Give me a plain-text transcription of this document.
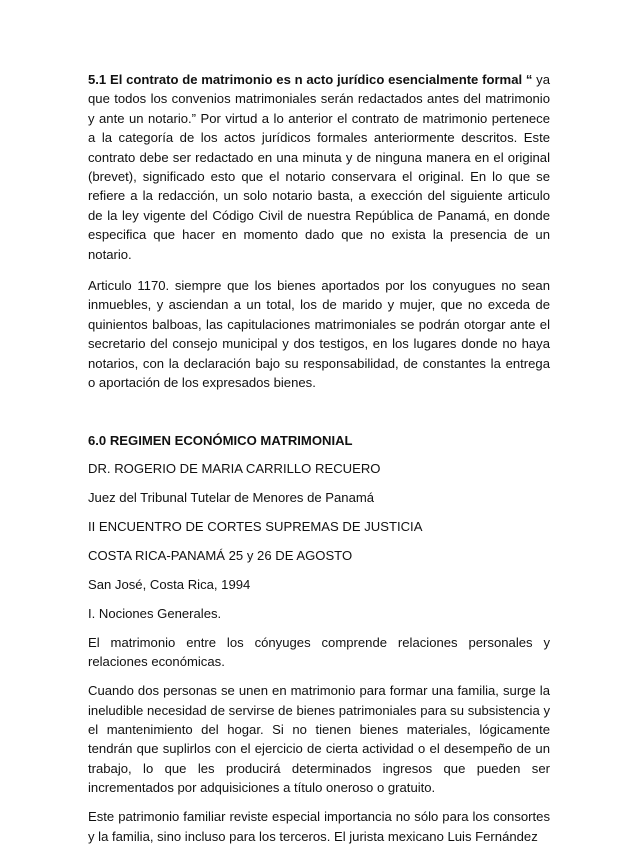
5.1 El contrato de matrimonio es n acto jurídico esencialmente formal “ ya que todos los convenios matrimoniales serán redactados antes del matrimonio y ante un notario.” Por virtud a lo anterior el contrato de matrimonio pertenece a la categoría de los actos jurídicos formales anteriormente descritos. Este contrato debe ser redactado en una minuta y de ninguna manera en el original (brevet), significado esto que el notario conservara el original. En lo que se refiere a la redacción, un solo notario basta, a exección del siguiente articulo de la ley vigente del Código Civil de nuestra República de Panamá, en donde especifica que hacer en momento dado que no exista la presencia de un notario.

Articulo 1170. siempre que los bienes aportados por los conyugues no sean inmuebles, y asciendan a un total, los de marido y mujer, que no exceda de quinientos balboas, las capitulaciones matrimoniales se podrán otorgar ante el secretario del consejo municipal y dos testigos, en los lugares donde no haya notarios, con la declaración bajo su responsabilidad, de constantes la entrega o aportación de los expresados bienes.

6.0 REGIMEN ECONÓMICO MATRIMONIAL

DR. ROGERIO DE MARIA CARRILLO RECUERO

Juez del Tribunal Tutelar de Menores de Panamá

II ENCUENTRO DE CORTES SUPREMAS DE JUSTICIA

COSTA RICA-PANAMÁ 25 y 26 DE AGOSTO

San José, Costa Rica, 1994

I. Nociones Generales.

El matrimonio entre los cónyuges comprende relaciones personales y relaciones económicas.

Cuando dos personas se unen en matrimonio para formar una familia, surge la ineludible necesidad de servirse de bienes patrimoniales para su subsistencia y el mantenimiento del hogar. Si no tienen bienes materiales, lógicamente tendrán que suplirlos con el ejercicio de cierta actividad o el desempeño de un trabajo, lo que les producirá determinados ingresos que pueden ser incrementados por adquisiciones a título oneroso o gratuito.

Este patrimonio familiar reviste especial importancia no sólo para los consortes y la familia, sino incluso para los terceros. El jurista mexicano Luis Fernández
